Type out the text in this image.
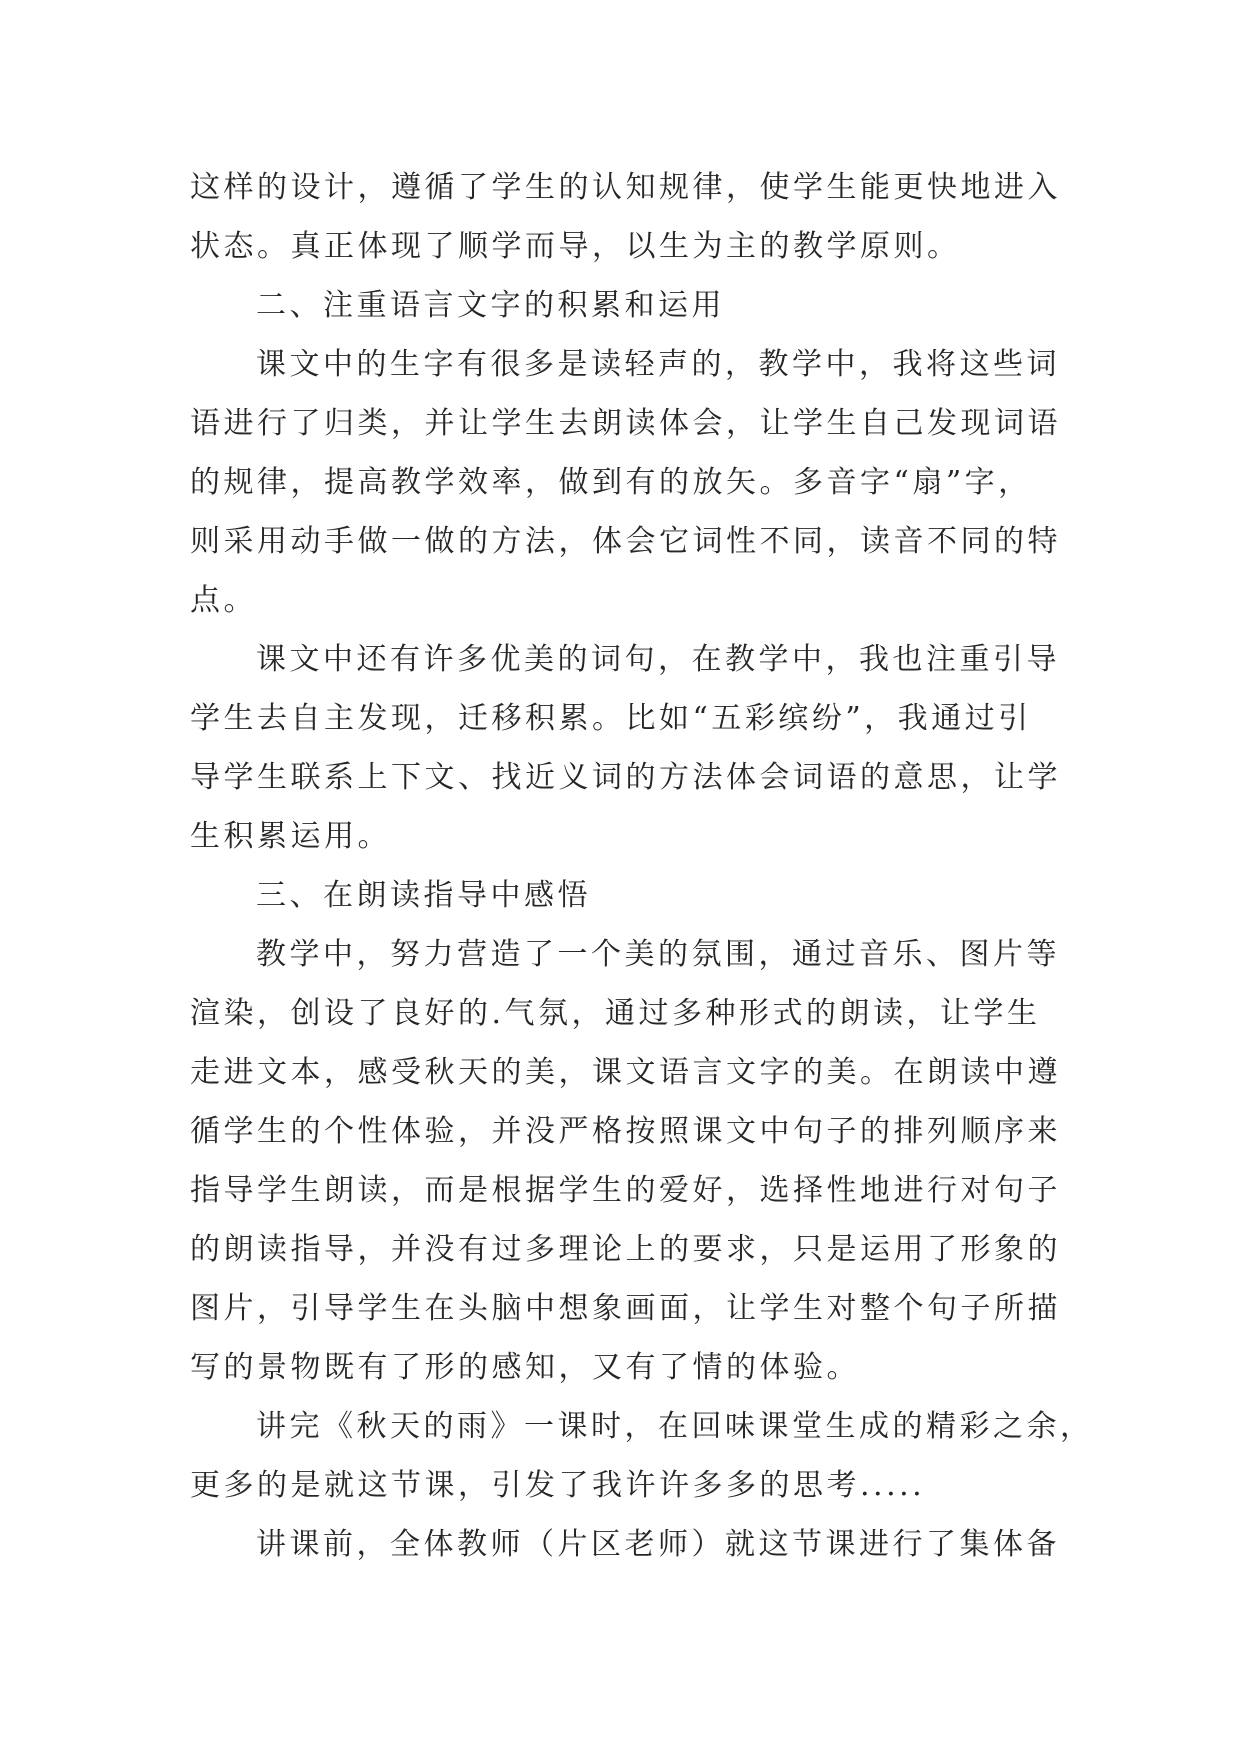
这样的设计，遵循了学生的认知规律，使学生能更快地进入
状态。真正体现了顺学而导，以生为主的教学原则。
二、注重语言文字的积累和运用
课文中的生字有很多是读轻声的，教学中，我将这些词
语进行了归类，并让学生去朗读体会，让学生自己发现词语
的规律，提高教学效率，做到有的放矢。多音字“扇”字，
则采用动手做一做的方法，体会它词性不同，读音不同的特
点。
课文中还有许多优美的词句，在教学中，我也注重引导
学生去自主发现，迁移积累。比如“五彩缤纷”，我通过引
导学生联系上下文、找近义词的方法体会词语的意思，让学
生积累运用。
三、在朗读指导中感悟
教学中，努力营造了一个美的氛围，通过音乐、图片等
渲染，创设了良好的.气氛，通过多种形式的朗读，让学生
走进文本，感受秋天的美，课文语言文字的美。在朗读中遵
循学生的个性体验，并没严格按照课文中句子的排列顺序来
指导学生朗读，而是根据学生的爱好，选择性地进行对句子
的朗读指导，并没有过多理论上的要求，只是运用了形象的
图片，引导学生在头脑中想象画面，让学生对整个句子所描
写的景物既有了形的感知，又有了情的体验。
讲完《秋天的雨》一课时，在回味课堂生成的精彩之余，
更多的是就这节课，引发了我许许多多的思考.....
讲课前，全体教师（片区老师）就这节课进行了集体备
